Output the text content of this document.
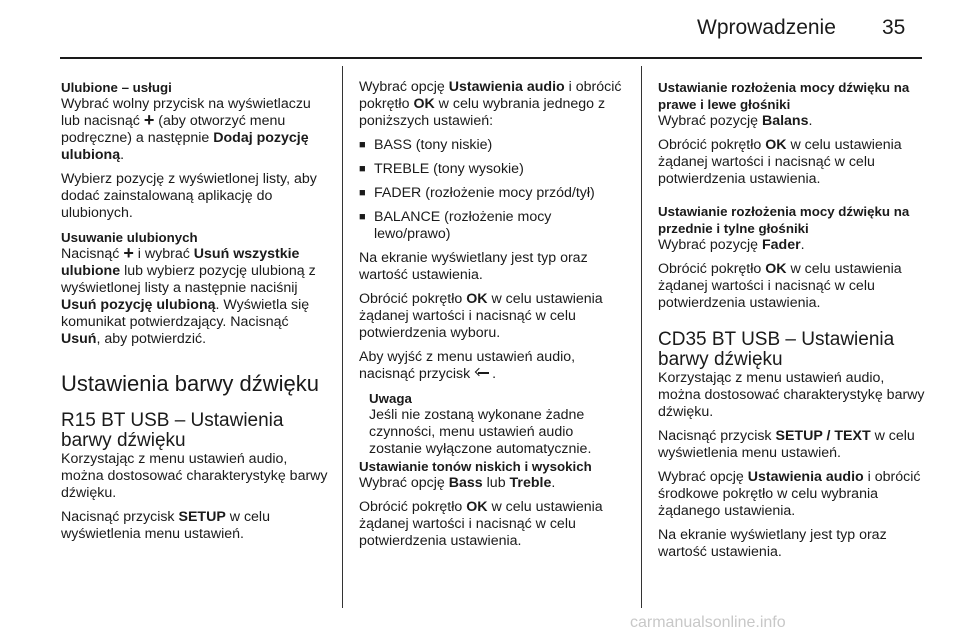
Wprowadzenie 35

Ulubione – usługi

Wybrać wolny przycisk na wyświetlaczu lub nacisnąć + (aby otworzyć menu podręczne) a następnie Dodaj pozycję ulubioną.

Wybierz pozycję z wyświetlonej listy, aby dodać zainstalowaną aplikację do ulubionych.

Usuwanie ulubionych

Nacisnąć + i wybrać Usuń wszystkie ulubione lub wybierz pozycję ulubioną z wyświetlonej listy a następnie naciśnij Usuń pozycję ulubioną. Wyświetla się komunikat potwierdzający. Nacisnąć Usuń, aby potwierdzić.

Ustawienia barwy dźwięku
R15 BT USB – Ustawienia barwy dźwięku

Korzystając z menu ustawień audio, można dostosować charakterystykę barwy dźwięku.

Nacisnąć przycisk SETUP w celu wyświetlenia menu ustawień.

Wybrać opcję Ustawienia audio i obrócić pokrętło OK w celu wybrania jednego z poniższych ustawień:

■ BASS (tony niskie)
■ TREBLE (tony wysokie)
■ FADER (rozłożenie mocy przód/tył)
■ BALANCE (rozłożenie mocy lewo/prawo)

Na ekranie wyświetlany jest typ oraz wartość ustawienia.

Obrócić pokrętło OK w celu ustawienia żądanej wartości i nacisnąć w celu potwierdzenia wyboru.

Aby wyjść z menu ustawień audio, nacisnąć przycisk .

Uwaga
Jeśli nie zostaną wykonane żadne czynności, menu ustawień audio zostanie wyłączone automatycznie.

Ustawianie tonów niskich i wysokich

Wybrać opcję Bass lub Treble.

Obrócić pokrętło OK w celu ustawienia żądanej wartości i nacisnąć w celu potwierdzenia ustawienia.

Ustawianie rozłożenia mocy dźwięku na prawe i lewe głośniki

Wybrać pozycję Balans.

Obrócić pokrętło OK w celu ustawienia żądanej wartości i nacisnąć w celu potwierdzenia ustawienia.

Ustawianie rozłożenia mocy dźwięku na przednie i tylne głośniki

Wybrać pozycję Fader.

Obrócić pokrętło OK w celu ustawienia żądanej wartości i nacisnąć w celu potwierdzenia ustawienia.

CD35 BT USB – Ustawienia barwy dźwięku

Korzystając z menu ustawień audio, można dostosować charakterystykę barwy dźwięku.

Nacisnąć przycisk SETUP / TEXT w celu wyświetlenia menu ustawień.

Wybrać opcję Ustawienia audio i obrócić środkowe pokrętło w celu wybrania żądanego ustawienia.

Na ekranie wyświetlany jest typ oraz wartość ustawienia.

carmanualsonline.info
